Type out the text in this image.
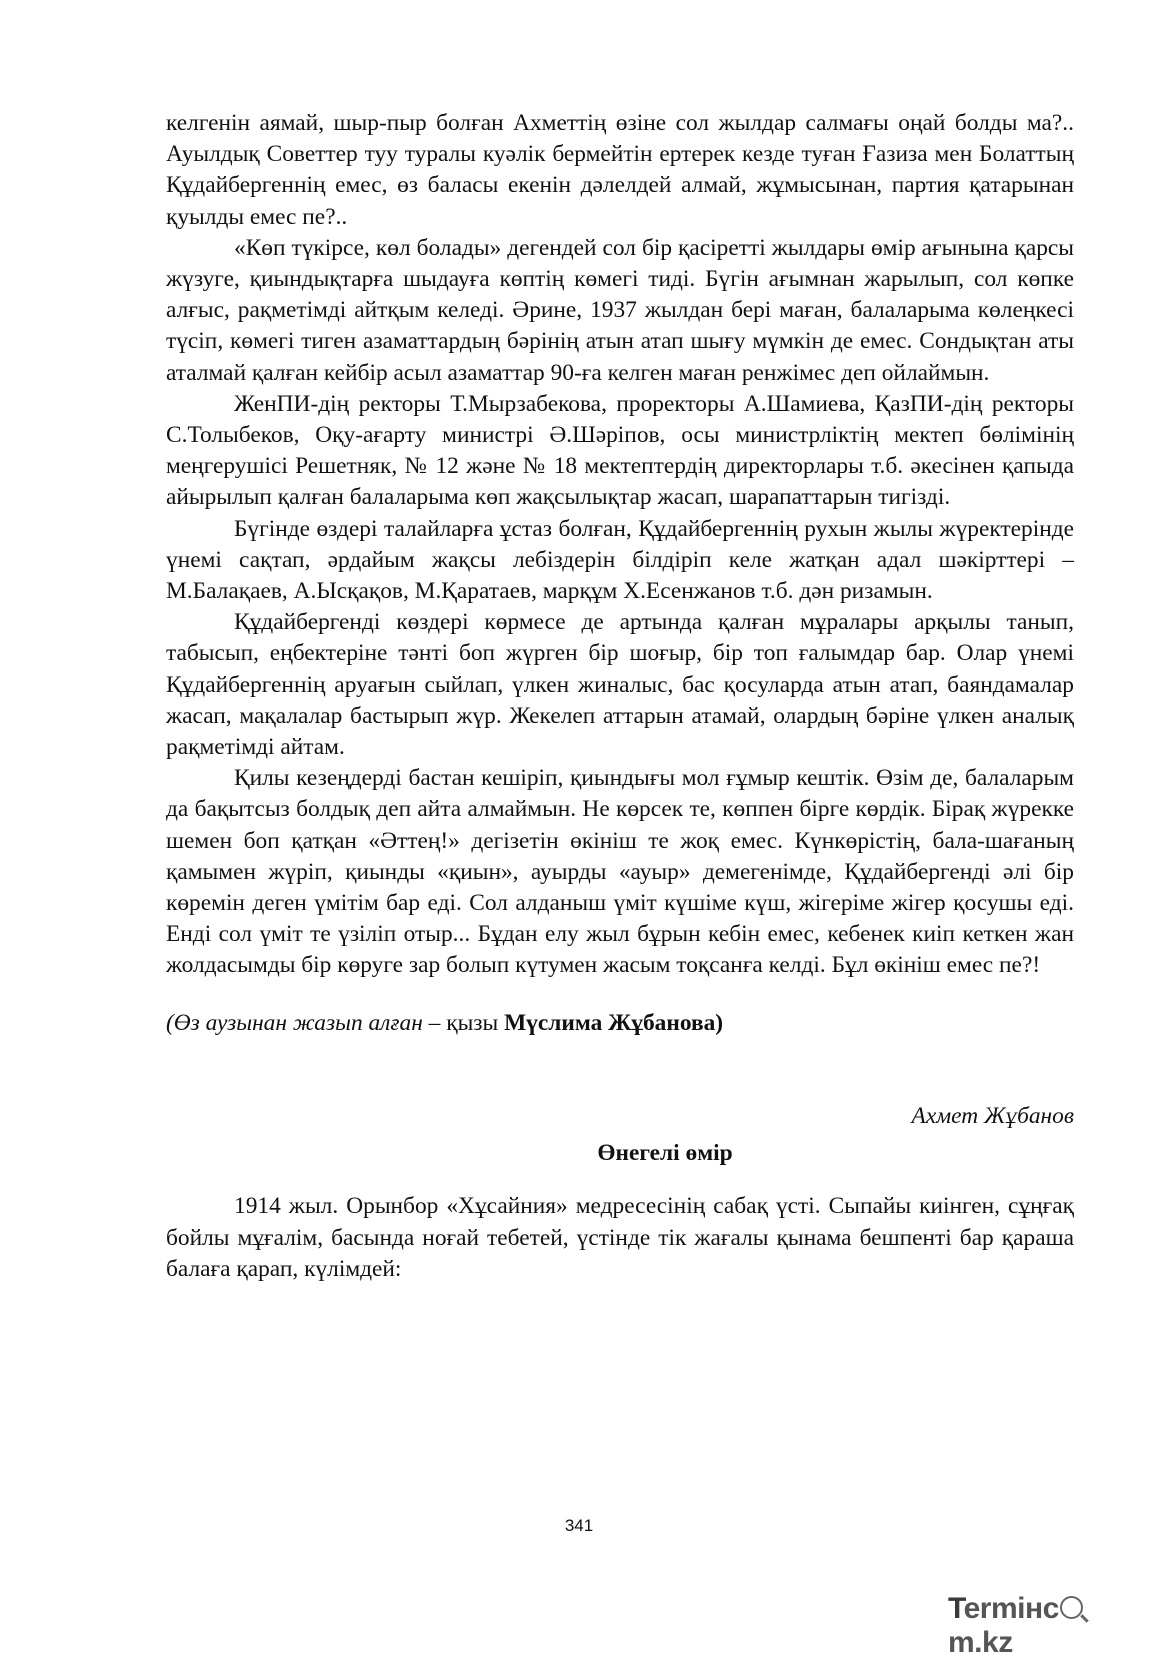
келгенін аямай, шыр-пыр болған Ахметтің өзіне сол жылдар салмағы оңай болды ма?.. Ауылдық Советтер туу туралы куәлік бермейтін ертерек кезде туған Ғазиза мен Болаттың Құдайбергеннің емес, өз баласы екенін дәлелдей алмай, жұмысынан, партия қатарынан қуылды емес пе?..

«Көп түкірсе, көл болады» дегендей сол бір қасіретті жылдары өмір ағынына қарсы жүзуге, қиындықтарға шыдауға көптің көмегі тиді. Бүгін ағымнан жарылып, сол көпке алғыс, рақметімді айтқым келеді. Әрине, 1937 жылдан бері маған, балаларыма көлеңкесі түсіп, көмегі тиген азаматтардың бәрінің атын атап шығу мүмкін де емес. Сондықтан аты аталмай қалған кейбір асыл азаматтар 90-ға келген маған ренжімес деп ойлаймын.

ЖенПИ-дің ректоры Т.Мырзабекова, проректоры А.Шамиева, ҚазПИ-дің ректоры С.Толыбеков, Оқу-ағарту министрі Ә.Шәріпов, осы министрліктің мектеп бөлімінің меңгерушісі Решетняк, № 12 және № 18 мектептердің директорлары т.б. әкесінен қапыда айырылып қалған балаларыма көп жақсылықтар жасап, шарапаттарын тигізді.

Бүгінде өздері талайларға ұстаз болған, Құдайбергеннің рухын жылы жүректерінде үнемі сақтап, әрдайым жақсы лебіздерін білдіріп келе жатқан адал шәкірттері – М.Балақаев, А.Ысқақов, М.Қаратаев, марқұм Х.Есенжанов т.б. дән ризамын.

Құдайбергенді көздері көрмесе де артында қалған мұралары арқылы танып, табысып, еңбектеріне тәнті боп жүрген бір шоғыр, бір топ ғалымдар бар. Олар үнемі Құдайбергеннің аруағын сыйлап, үлкен жиналыс, бас қосуларда атын атап, баяндамалар жасап, мақалалар бастырып жүр. Жекелеп аттарын атамай, олардың бәріне үлкен аналық рақметімді айтам.

Қилы кезеңдерді бастан кешіріп, қиындығы мол ғұмыр кештік. Өзім де, балаларым да бақытсыз болдық деп айта алмаймын. Не көрсек те, көппен бірге көрдік. Бірақ жүрекке шемен боп қатқан «Әттең!» дегізетін өкініш те жоқ емес. Күнкөрістің, бала-шағаның қамымен жүріп, қиынды «қиын», ауырды «ауыр» демегенімде, Құдайбергенді әлі бір көремін деген үмітім бар еді. Сол алданыш үміт күшіме күш, жігеріме жігер қосушы еді. Енді сол үміт те үзіліп отыр... Бұдан елу жыл бұрын кебін емес, кебенек киіп кеткен жан жолдасымды бір көруге зар болып күтумен жасым тоқсанға келді. Бұл өкініш емес пе?!

(Өз аузынан жазып алған – қызы Мүслима Жұбанова)

Ахмет Жұбанов

Өнегелі өмір

1914 жыл. Орынбор «Хұсайния» медресесінің сабақ үсті. Сыпайы киінген, сұңғақ бойлы мұғалім, басында ноғай тебетей, үстінде тік жағалы қынама бешпенті бар қараша балаға қарап, күлімдей:

341
Termінcm.kz
